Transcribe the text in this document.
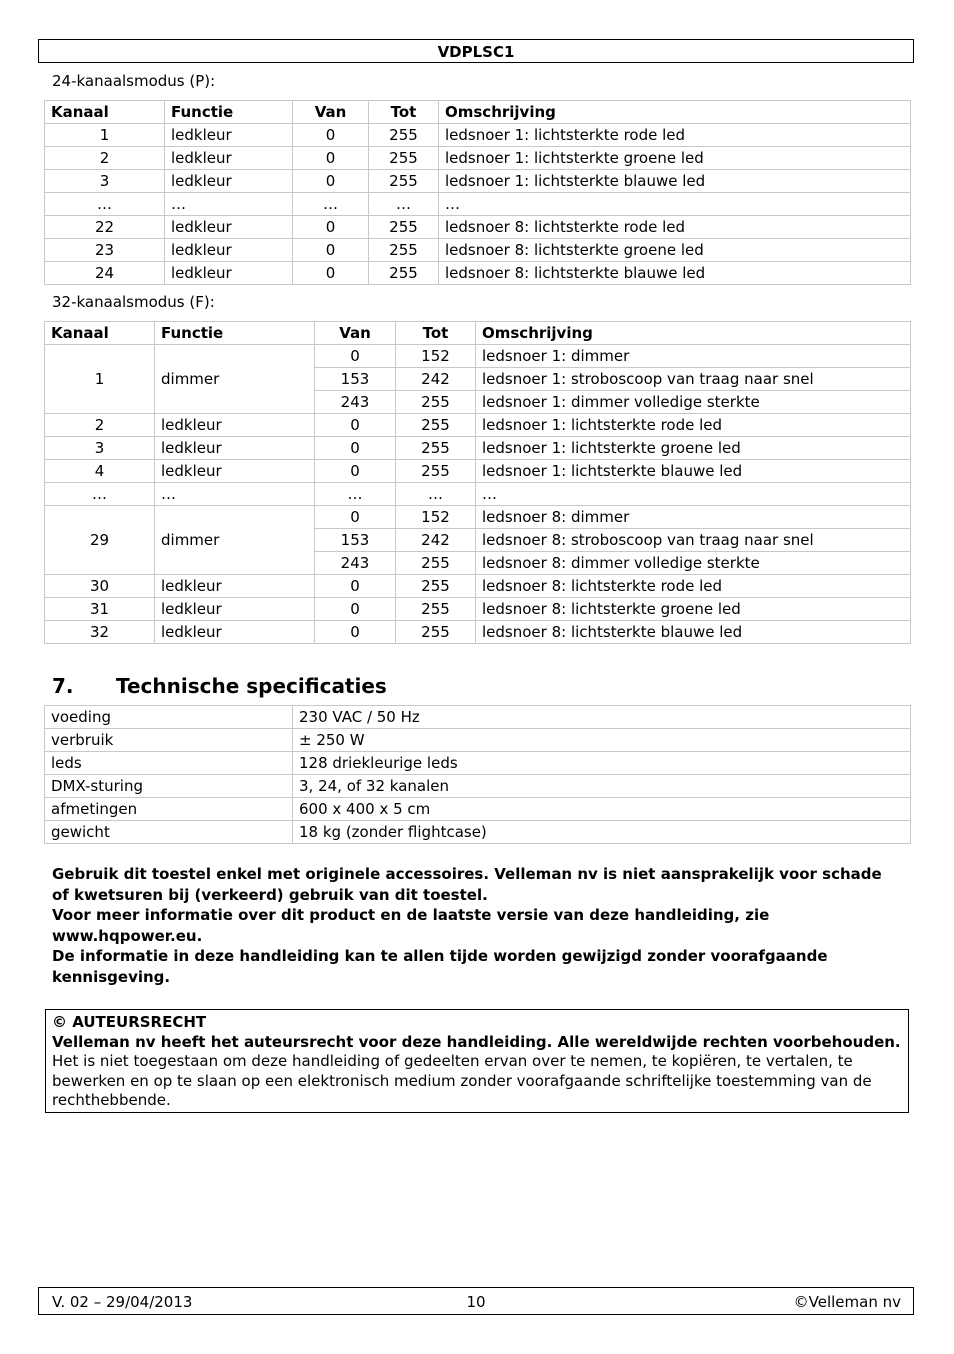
VDPLSC1
24-kanaalsmodus (P):
Kanaal	Functie	Van	Tot	Omschrijving
1	ledkleur	0	255	ledsnoer 1: lichtsterkte rode led
2	ledkleur	0	255	ledsnoer 1: lichtsterkte groene led
3	ledkleur	0	255	ledsnoer 1: lichtsterkte blauwe led
…	…	…	…	…
22	ledkleur	0	255	ledsnoer 8: lichtsterkte rode led
23	ledkleur	0	255	ledsnoer 8: lichtsterkte groene led
24	ledkleur	0	255	ledsnoer 8: lichtsterkte blauwe led
32-kanaalsmodus (F):
Kanaal	Functie	Van	Tot	Omschrijving
1	dimmer	0	152	ledsnoer 1: dimmer
		153	242	ledsnoer 1: stroboscoop van traag naar snel
		243	255	ledsnoer 1: dimmer volledige sterkte
2	ledkleur	0	255	ledsnoer 1: lichtsterkte rode led
3	ledkleur	0	255	ledsnoer 1: lichtsterkte groene led
4	ledkleur	0	255	ledsnoer 1: lichtsterkte blauwe led
…	…	…	…	…
29	dimmer	0	152	ledsnoer 8: dimmer
		153	242	ledsnoer 8: stroboscoop van traag naar snel
		243	255	ledsnoer 8: dimmer volledige sterkte
30	ledkleur	0	255	ledsnoer 8: lichtsterkte rode led
31	ledkleur	0	255	ledsnoer 8: lichtsterkte groene led
32	ledkleur	0	255	ledsnoer 8: lichtsterkte blauwe led
7. Technische specificaties
voeding	230 VAC / 50 Hz
verbruik	± 250 W
leds	128 driekleurige leds
DMX-sturing	3, 24, of 32 kanalen
afmetingen	600 x 400 x 5 cm
gewicht	18 kg (zonder flightcase)

Gebruik dit toestel enkel met originele accessoires. Velleman nv is niet aansprakelijk voor schade of kwetsuren bij (verkeerd) gebruik van dit toestel.

Voor meer informatie over dit product en de laatste versie van deze handleiding, zie www.hqpower.eu.

De informatie in deze handleiding kan te allen tijde worden gewijzigd zonder voorafgaande kennisgeving.

© AUTEURSRECHT
Velleman nv heeft het auteursrecht voor deze handleiding. Alle wereldwijde rechten voorbehouden. Het is niet toegestaan om deze handleiding of gedeelten ervan over te nemen, te kopiëren, te vertalen, te bewerken en op te slaan op een elektronisch medium zonder voorafgaande schriftelijke toestemming van de rechthebbende.
V. 02 – 29/04/2013	10	©Velleman nv
